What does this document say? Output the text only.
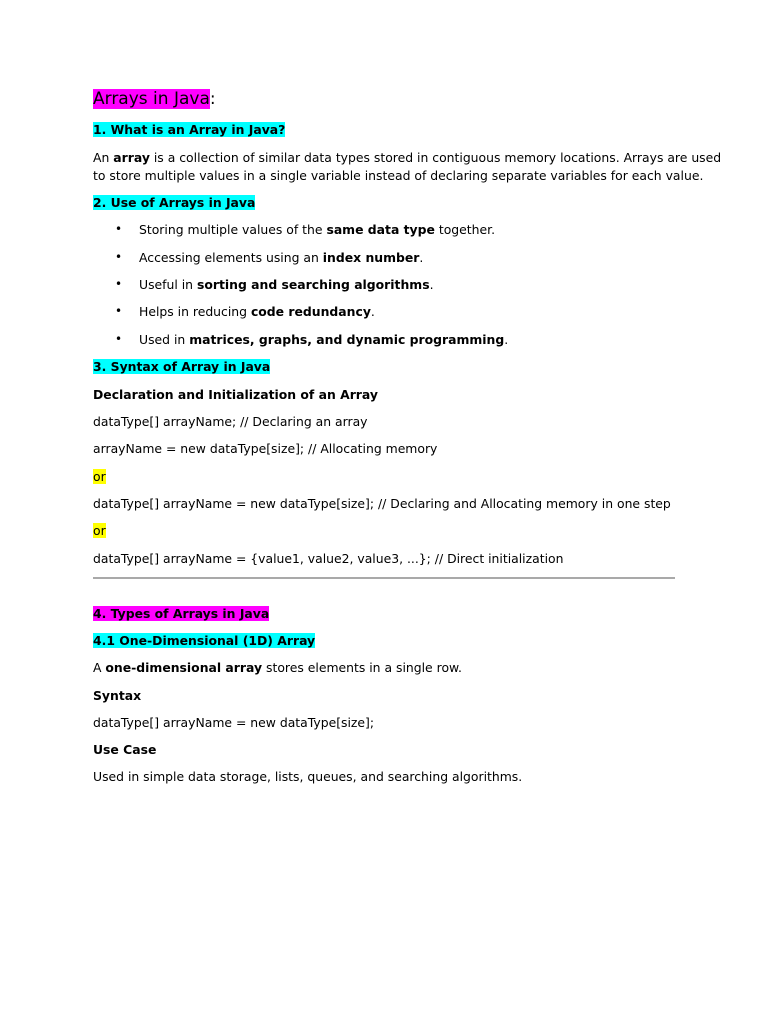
Arrays in Java:
1. What is an Array in Java?
An array is a collection of similar data types stored in contiguous memory locations. Arrays are used
to store multiple values in a single variable instead of declaring separate variables for each value.
2. Use of Arrays in Java
• Storing multiple values of the same data type together.
• Accessing elements using an index number.
• Useful in sorting and searching algorithms.
• Helps in reducing code redundancy.
• Used in matrices, graphs, and dynamic programming.
3. Syntax of Array in Java
Declaration and Initialization of an Array
dataType[] arrayName; // Declaring an array
arrayName = new dataType[size]; // Allocating memory
or
dataType[] arrayName = new dataType[size]; // Declaring and Allocating memory in one step
or
dataType[] arrayName = {value1, value2, value3, ...}; // Direct initialization
4. Types of Arrays in Java
4.1 One-Dimensional (1D) Array
A one-dimensional array stores elements in a single row.
Syntax
dataType[] arrayName = new dataType[size];
Use Case
Used in simple data storage, lists, queues, and searching algorithms.
